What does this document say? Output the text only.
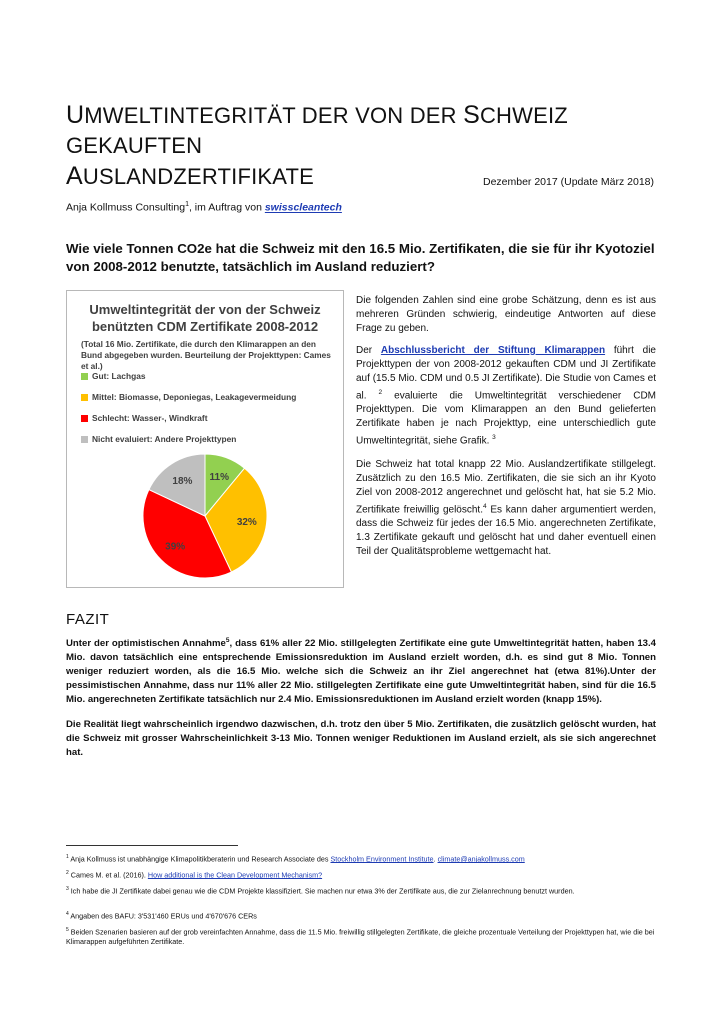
UMWELTINTEGRITÄT DER VON DER SCHWEIZ GEKAUFTEN
AUSLANDZERTIFIKATE	Dezember 2017 (Update März 2018)
Anja Kollmuss Consulting$^1$, im Auftrag von swisscleantech
Wie viele Tonnen CO2e hat die Schweiz mit den 16.5 Mio. Zertifikaten, die sie für ihr Kyotoziel von 2008-2012 benutzte, tatsächlich im Ausland reduziert?
Umweltintegrität der von der Schweiz
benützten CDM Zertifikate 2008-2012
(Total 16 Mio. Zertifikate, die durch den Klimarappen an den Bund abgegeben wurden. Beurteilung der Projekttypen: Cames et al.)
Gut: Lachgas
Mittel: Biomasse, Deponiegas, Leakagevermeidung
Schlecht: Wasser-, Windkraft
Nicht evaluiert: Andere Projekttypen
11%
32%
39%
18%
Die folgenden Zahlen sind eine grobe Schätzung, denn es ist aus mehreren Gründen schwierig, eindeutige Antworten auf diese Frage zu geben.
Der Abschlussbericht der Stiftung Klimarappen führt die Projekttypen der von 2008-2012 gekauften CDM und JI Zertifikate auf (15.5 Mio. CDM und 0.5 JI Zertifikate). Die Studie von Cames et al. $^2$ evaluierte die Umweltintegrität verschiedener CDM Projekttypen. Die vom Klimarappen an den Bund gelieferten Zertifikate haben je nach Projekttyp, eine unterschiedlich gute Umweltintegrität, siehe Grafik. $^3$
Die Schweiz hat total knapp 22 Mio. Auslandzertifikate stillgelegt. Zusätzlich zu den 16.5 Mio. Zertifikaten, die sie sich an ihr Kyoto Ziel von 2008-2012 angerechnet und gelöscht hat, hat sie 5.2 Mio. Zertifikate freiwillig gelöscht.$^4$ Es kann daher argumentiert werden, dass die Schweiz für jedes der 16.5 Mio. angerechneten Zertifikate, 1.3 Zertifikate gekauft und gelöscht hat und daher eventuell einen Teil der Qualitätsprobleme wettgemacht hat.
FAZIT
Unter der optimistischen Annahme$^5$, dass 61% aller 22 Mio. stillgelegten Zertifikate eine gute Umweltintegrität hatten, haben 13.4 Mio. davon tatsächlich eine entsprechende Emissionsreduktion im Ausland erzielt worden, d.h. es sind gut 8 Mio. Tonnen weniger reduziert worden, als die 16.5 Mio. welche sich die Schweiz an ihr Ziel angerechnet hat (etwa 81%).Unter der pessimistischen Annahme, dass nur 11% aller 22 Mio. stillgelegten Zertifikate eine gute Umweltintegrität haben, sind für die 16.5 Mio. angerechneten Zertifikate tatsächlich nur 2.4 Mio. Emissionsreduktionen im Ausland erzielt worden (knapp 15%).
Die Realität liegt wahrscheinlich irgendwo dazwischen, d.h. trotz den über 5 Mio. Zertifikaten, die zusätzlich gelöscht wurden, hat die Schweiz mit grosser Wahrscheinlichkeit 3-13 Mio. Tonnen weniger Reduktionen im Ausland erzielt, als sie sich angerechnet hat.
$^1$ Anja Kollmuss ist unabhängige Klimapolitikberaterin und Research Associate des Stockholm Environment Institute. climate@anjakollmuss.com
$^2$ Cames M. et al. (2016). How additional is the Clean Development Mechanism?
$^3$ Ich habe die JI Zertifikate dabei genau wie die CDM Projekte klassifiziert. Sie machen nur etwa 3% der Zertifikate aus, die zur Zielanrechnung benutzt wurden.
$^4$ Angaben des BAFU: 3'531'460 ERUs und 4'670'676 CERs
$^5$ Beiden Szenarien basieren auf der grob vereinfachten Annahme, dass die 11.5 Mio. freiwillig stillgelegten Zertifikate, die gleiche prozentuale Verteilung der Projekttypen hat, wie die bei Klimarappen aufgeführten Zertifikate.
